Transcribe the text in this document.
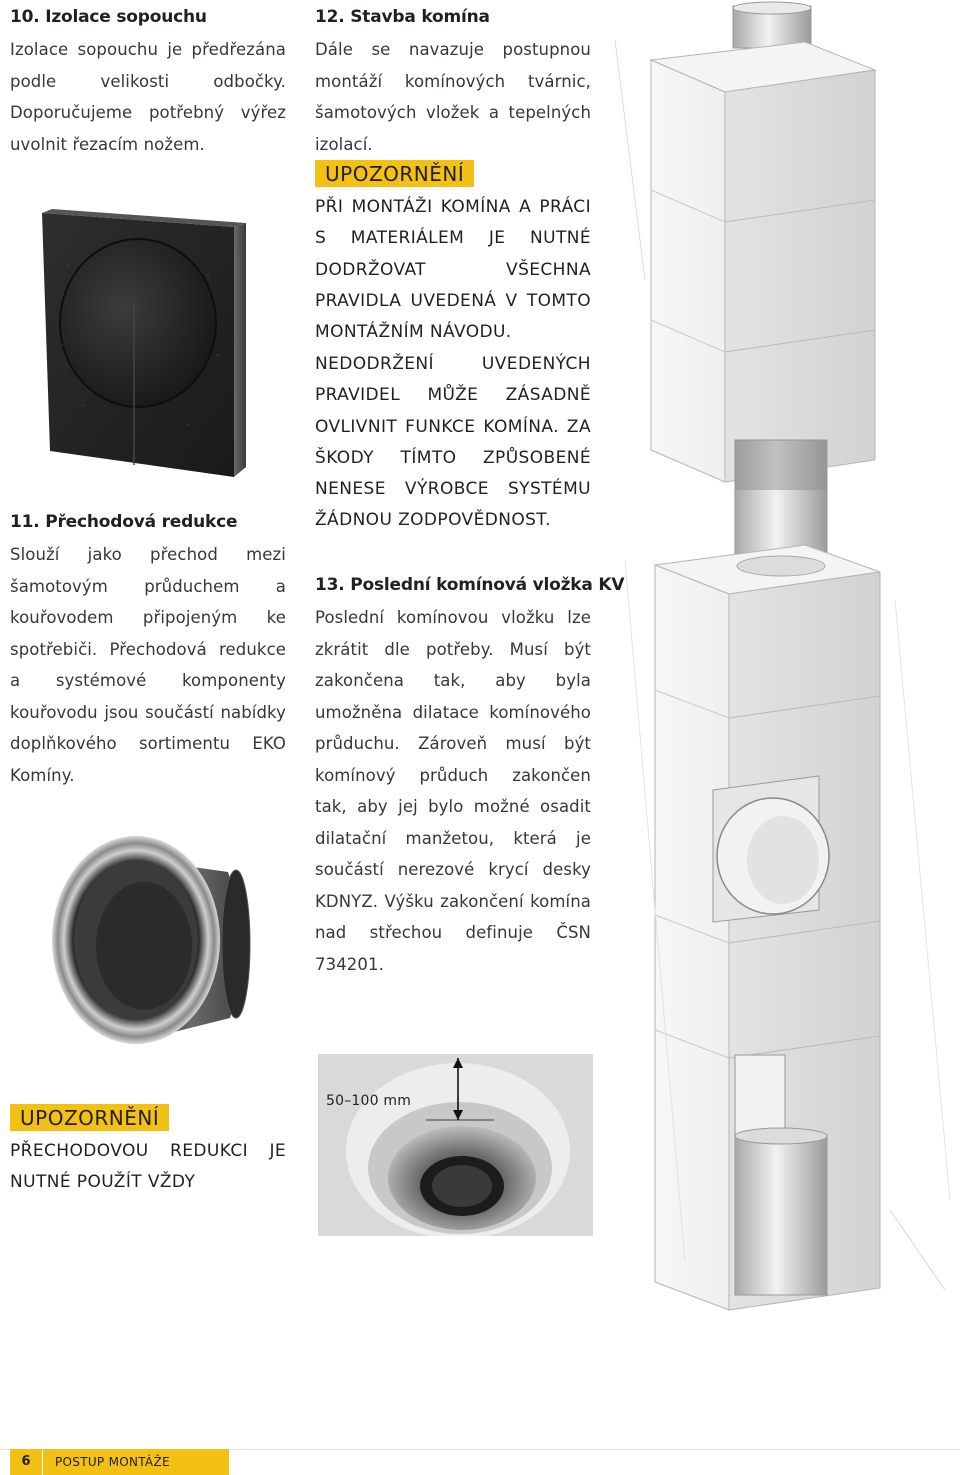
10. Izolace sopouchu

Izolace sopouchu je předřezána podle velikosti odbočky. Doporučujeme potřebný výřez uvolnit řezacím nožem.

11. Přechodová redukce

Slouží jako přechod mezi šamotovým průduchem a kouřovodem připojeným ke spotřebiči. Přechodová redukce a systémové komponenty kouřovodu jsou součástí nabídky doplňkového sortimentu EKO Komíny.

UPOZORNĚNÍ

PŘECHODOVOU REDUKCI JE NUTNÉ POUŽÍT VŽDY

12. Stavba komína

Dále se navazuje postupnou montáží komínových tvárnic, šamotových vložek a tepelných izolací.

UPOZORNĚNÍ

PŘI MONTÁŽI KOMÍNA A PRÁCI S MATERIÁLEM JE NUTNÉ DODRŽOVAT VŠECHNA PRAVIDLA UVEDENÁ V TOMTO MONTÁŽNÍM NÁVODU.

NEDODRŽENÍ UVEDENÝCH PRAVIDEL MŮŽE ZÁSADNĚ OVLIVNIT FUNKCE KOMÍNA. ZA ŠKODY TÍMTO ZPŮSOBENÉ NENESE VÝROBCE SYSTÉMU ŽÁDNOU ZODPOVĚDNOST.

13. Poslední komínová vložka KV

Poslední komínovou vložku lze zkrátit dle potřeby. Musí být zakončena tak, aby byla umožněna dilatace komínového průduchu. Zároveň musí být komínový průduch zakončen tak, aby jej bylo možné osadit dilatační manžetou, která je součástí nerezové krycí desky KDNYZ. Výšku zakončení komína nad střechou definuje ČSN 734201.

50–100 mm
6	POSTUP MONTÁŽE
